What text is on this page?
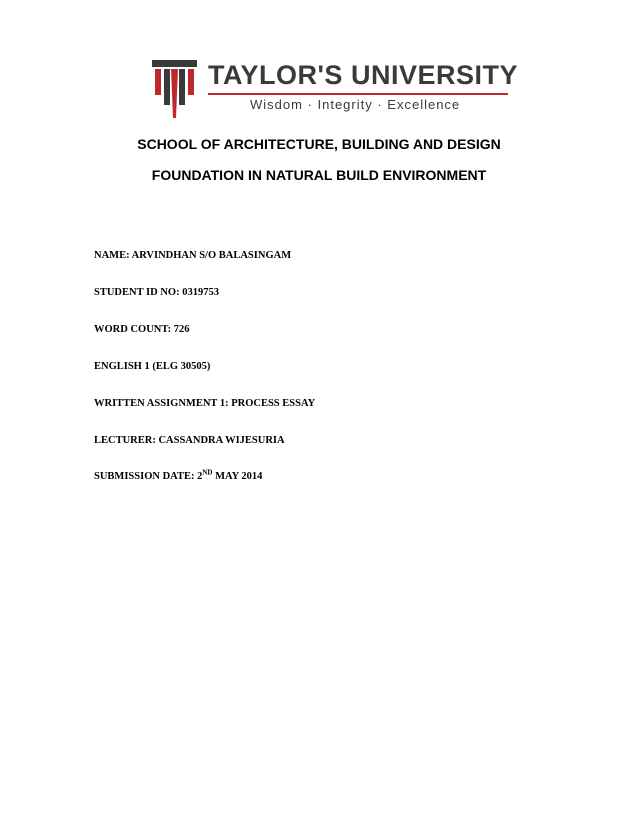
TAYLOR'S UNIVERSITY
Wisdom · Integrity · Excellence
SCHOOL OF ARCHITECTURE, BUILDING AND DESIGN
FOUNDATION IN NATURAL BUILD ENVIRONMENT
NAME: ARVINDHAN S/O BALASINGAM
STUDENT ID NO: 0319753
WORD COUNT: 726
ENGLISH 1 (ELG 30505)
WRITTEN ASSIGNMENT 1: PROCESS ESSAY
LECTURER: CASSANDRA WIJESURIA
SUBMISSION DATE: 2ND MAY 2014
